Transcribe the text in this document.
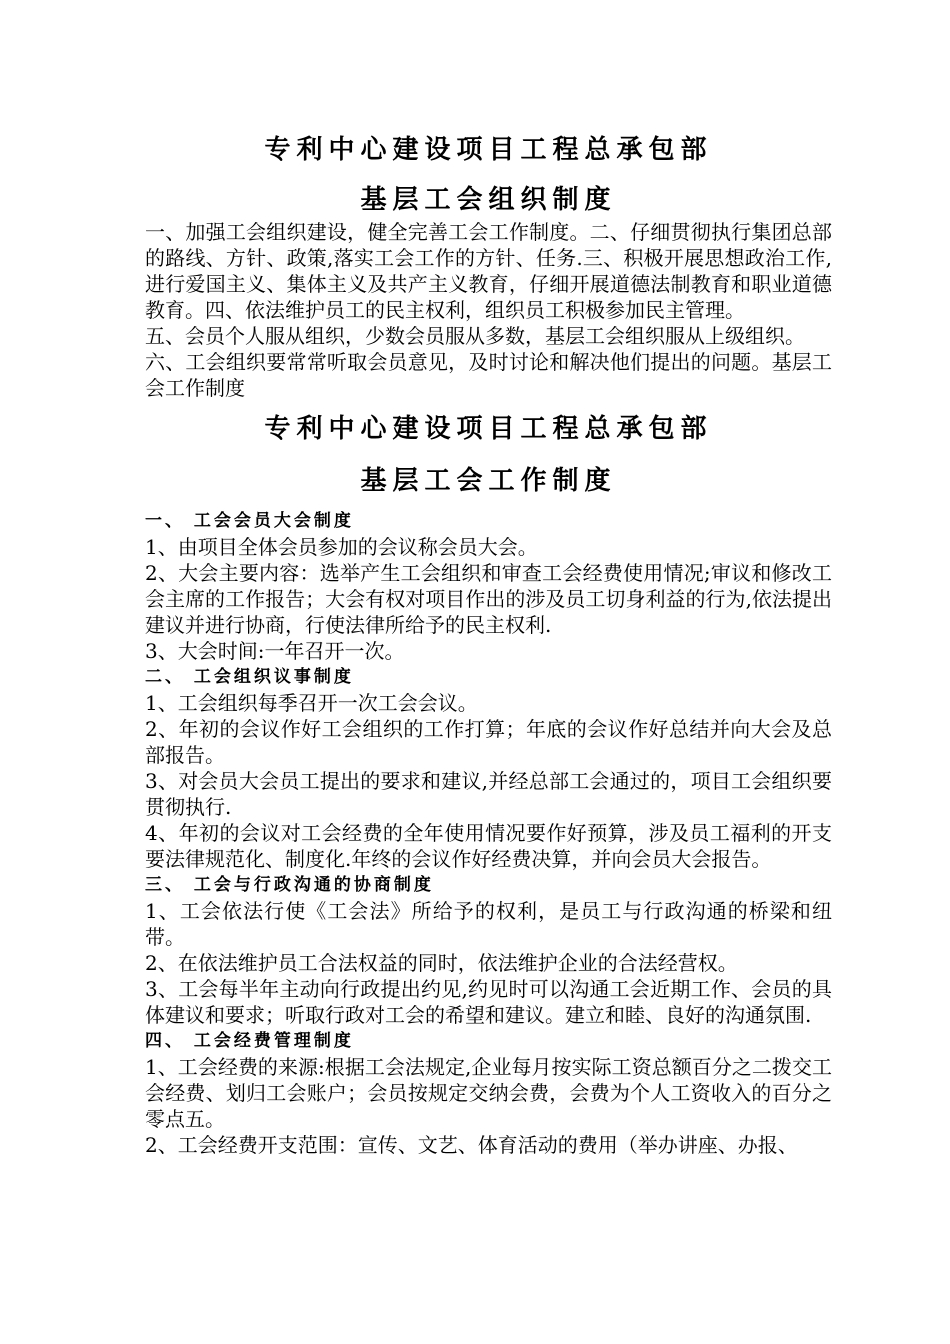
专利中心建设项目工程总承包部
基层工会组织制度

一、加强工会组织建设，健全完善工会工作制度。二、仔细贯彻执行集团总部的路线、方针、政策,落实工会工作的方针、任务.三、积极开展思想政治工作,进行爱国主义、集体主义及共产主义教育，仔细开展道德法制教育和职业道德教育。四、依法维护员工的民主权利，组织员工积极参加民主管理。

五、会员个人服从组织，少数会员服从多数，基层工会组织服从上级组织。

六、工会组织要常常听取会员意见，及时讨论和解决他们提出的问题。基层工会工作制度

专利中心建设项目工程总承包部
基层工会工作制度

一、 工会会员大会制度

1、由项目全体会员参加的会议称会员大会。

2、大会主要内容：选举产生工会组织和审查工会经费使用情况;审议和修改工会主席的工作报告；大会有权对项目作出的涉及员工切身利益的行为,依法提出建议并进行协商，行使法律所给予的民主权利.

3、大会时间:一年召开一次。

二、 工会组织议事制度

1、工会组织每季召开一次工会会议。

2、年初的会议作好工会组织的工作打算；年底的会议作好总结并向大会及总部报告。

3、对会员大会员工提出的要求和建议,并经总部工会通过的，项目工会组织要贯彻执行.

4、年初的会议对工会经费的全年使用情况要作好预算，涉及员工福利的开支要法律规范化、制度化.年终的会议作好经费决算，并向会员大会报告。

三、 工会与行政沟通的协商制度

1、工会依法行使《工会法》所给予的权利，是员工与行政沟通的桥梁和纽带。

2、在依法维护员工合法权益的同时，依法维护企业的合法经营权。

3、工会每半年主动向行政提出约见,约见时可以沟通工会近期工作、会员的具体建议和要求；听取行政对工会的希望和建议。建立和睦、良好的沟通氛围.

四、 工会经费管理制度

1、工会经费的来源:根据工会法规定,企业每月按实际工资总额百分之二拨交工会经费、划归工会账户；会员按规定交纳会费，会费为个人工资收入的百分之零点五。

2、工会经费开支范围：宣传、文艺、体育活动的费用（举办讲座、办报、
